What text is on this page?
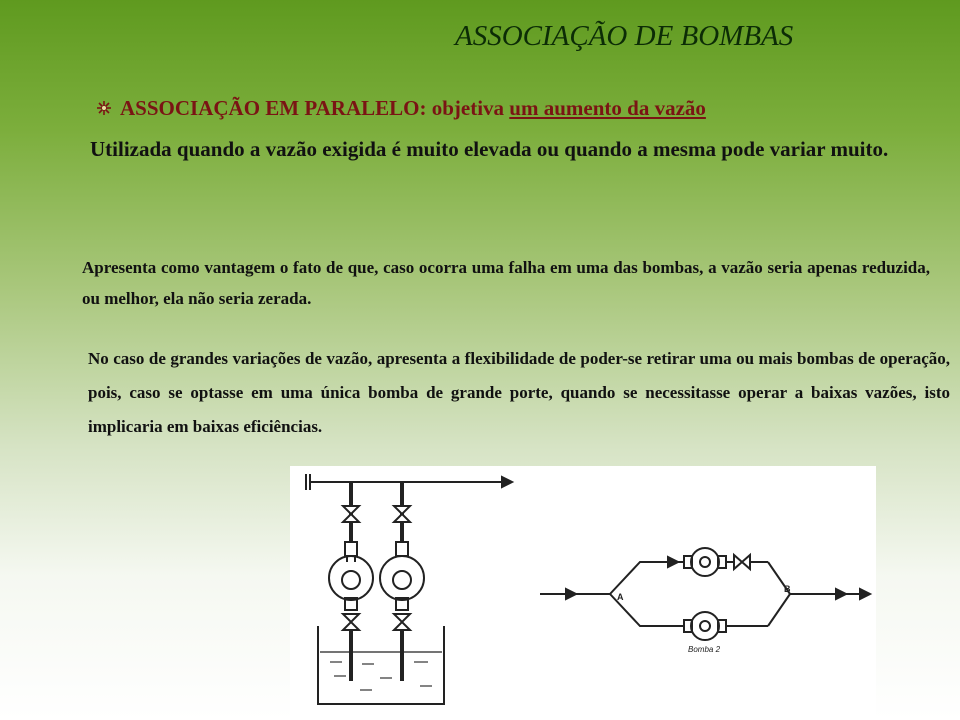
ASSOCIAÇÃO DE BOMBAS
ASSOCIAÇÃO EM PARALELO: objetiva um aumento da vazão
Utilizada quando a vazão exigida é muito elevada ou quando a mesma pode variar muito.
Apresenta como vantagem o fato de que, caso ocorra uma falha em uma das bombas, a vazão seria apenas reduzida, ou melhor, ela não seria zerada.
No caso de grandes variações de vazão, apresenta a flexibilidade de poder-se retirar uma ou mais bombas de operação, pois, caso se optasse em uma única bomba de grande porte, quando se necessitasse operar a baixas vazões, isto implicaria em baixas eficiências.
A
B
Bomba 2
